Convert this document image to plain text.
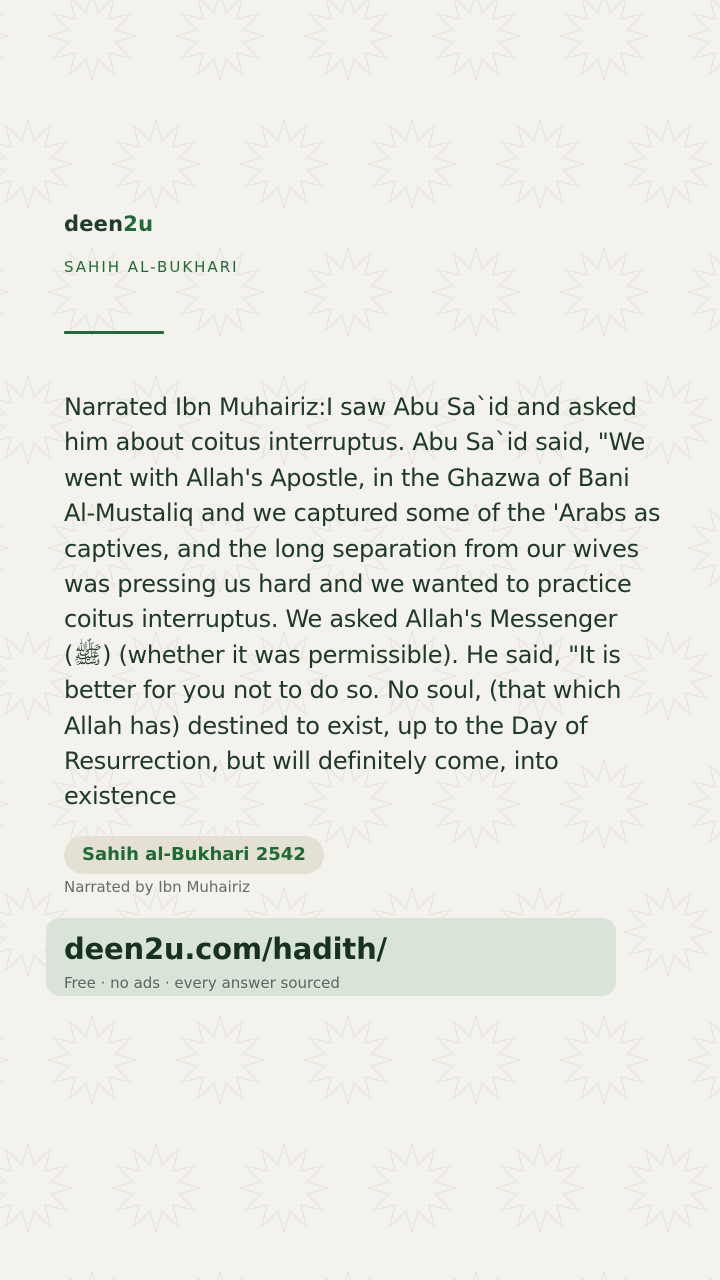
deen2u
SAHIH AL-BUKHARI
Narrated Ibn Muhairiz:I saw Abu Sa`id and asked him about coitus interruptus. Abu Sa`id said, "We went with Allah's Apostle, in the Ghazwa of Bani Al-Mustaliq and we captured some of the 'Arabs as captives, and the long separation from our wives was pressing us hard and we wanted to practice coitus interruptus. We asked Allah's Messenger (ﷺ) (whether it was permissible). He said, "It is better for you not to do so. No soul, (that which Allah has) destined to exist, up to the Day of Resurrection, but will definitely come, into existence
Sahih al-Bukhari 2542
Narrated by Ibn Muhairiz
deen2u.com/hadith/
Free · no ads · every answer sourced
